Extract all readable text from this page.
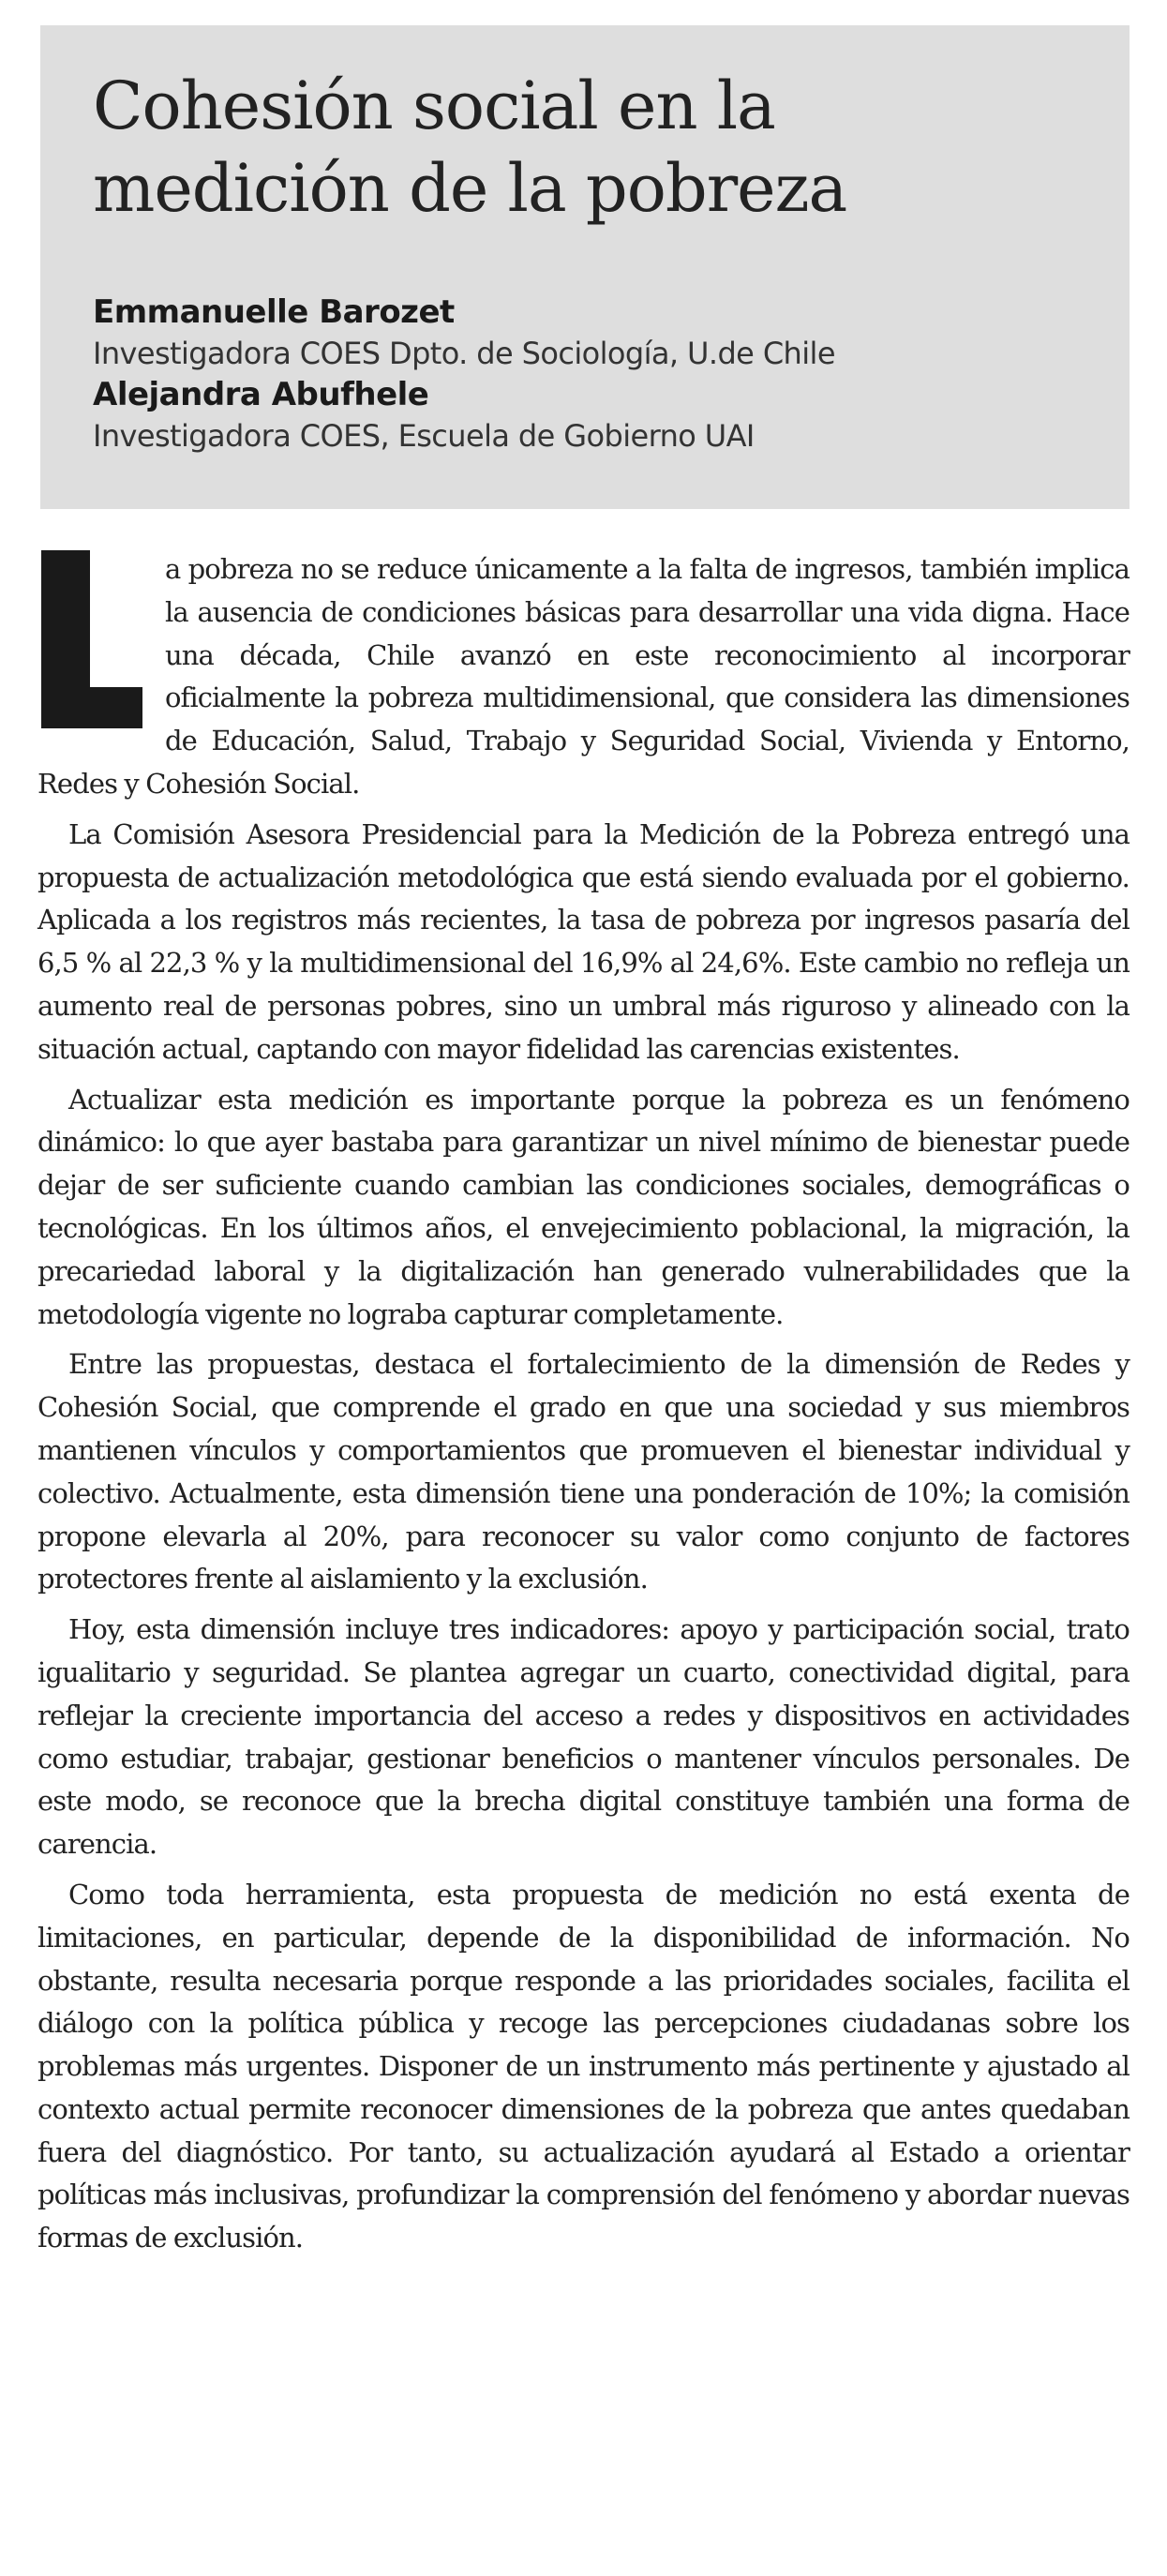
Cohesión social en la
medición de la pobreza
Emmanuelle Barozet
Investigadora COES Dpto. de Sociología, U.de Chile
Alejandra Abufhele
Investigadora COES, Escuela de Gobierno UAI

a pobreza no se reduce únicamente a la falta de ingresos, también implica la ausencia de condiciones básicas para desarrollar una vida digna. Hace una década, Chile avanzó en este reconocimiento al incorporar oficialmente la pobreza multidimensional, que considera las dimensiones de Educación, Salud, Trabajo y Seguridad Social, Vivienda y Entorno, Redes y Cohesión Social.

La Comisión Asesora Presidencial para la Medición de la Pobreza entregó una propuesta de actualización metodológica que está siendo evaluada por el gobierno. Aplicada a los registros más recientes, la tasa de pobreza por ingresos pasaría del 6,5 % al 22,3 % y la multidimensional del 16,9% al 24,6%. Este cambio no refleja un aumento real de personas pobres, sino un umbral más riguroso y alineado con la situación actual, captando con mayor fidelidad las carencias existentes.

Actualizar esta medición es importante porque la pobreza es un fenómeno dinámico: lo que ayer bastaba para garantizar un nivel mínimo de bienestar puede dejar de ser suficiente cuando cambian las condiciones sociales, demográficas o tecnológicas. En los últimos años, el envejecimiento poblacional, la migración, la precariedad laboral y la digitalización han generado vulnerabilidades que la metodología vigente no lograba capturar completamente.

Entre las propuestas, destaca el fortalecimiento de la dimensión de Redes y Cohesión Social, que comprende el grado en que una sociedad y sus miembros mantienen vínculos y comportamientos que promueven el bienestar individual y colectivo. Actualmente, esta dimensión tiene una ponderación de 10%; la comisión propone elevarla al 20%, para reconocer su valor como conjunto de factores protectores frente al aislamiento y la exclusión.

Hoy, esta dimensión incluye tres indicadores: apoyo y participación social, trato igualitario y seguridad. Se plantea agregar un cuarto, conectividad digital, para reflejar la creciente importancia del acceso a redes y dispositivos en actividades como estudiar, trabajar, gestionar beneficios o mantener vínculos personales. De este modo, se reconoce que la brecha digital constituye también una forma de carencia.

Como toda herramienta, esta propuesta de medición no está exenta de limitaciones, en particular, depende de la disponibilidad de información. No obstante, resulta necesaria porque responde a las prioridades sociales, facilita el diálogo con la política pública y recoge las percepciones ciudadanas sobre los problemas más urgentes. Disponer de un instrumento más pertinente y ajustado al contexto actual permite reconocer dimensiones de la pobreza que antes quedaban fuera del diagnóstico. Por tanto, su actualización ayudará al Estado a orientar políticas más inclusivas, profundizar la comprensión del fenómeno y abordar nuevas formas de exclusión.
